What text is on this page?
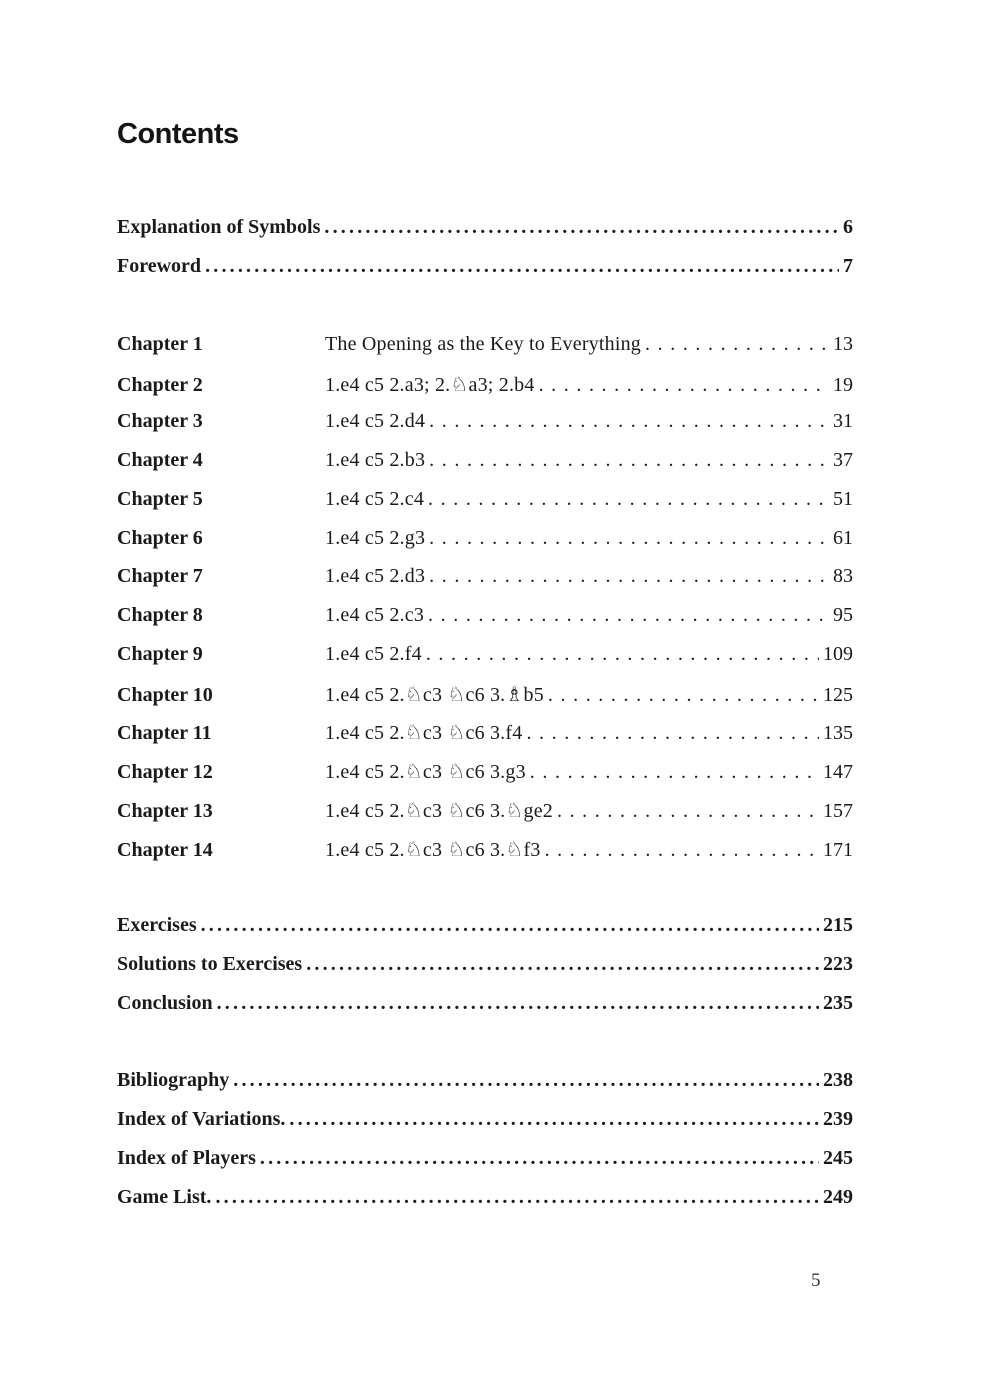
Contents
Explanation of Symbols .....	6
Foreword .....	7
Chapter 1	The Opening as the Key to Everything . . .	13
Chapter 2	1.e4 c5 2.a3; 2.♘a3; 2.b4 . . .	19
Chapter 3	1.e4 c5 2.d4 . . .	31
Chapter 4	1.e4 c5 2.b3 . . .	37
Chapter 5	1.e4 c5 2.c4 . . .	51
Chapter 6	1.e4 c5 2.g3 . . .	61
Chapter 7	1.e4 c5 2.d3 . . .	83
Chapter 8	1.e4 c5 2.c3 . . .	95
Chapter 9	1.e4 c5 2.f4 . . .	109
Chapter 10	1.e4 c5 2.♘c3 ♘c6 3.♗b5 . . .	125
Chapter 11	1.e4 c5 2.♘c3 ♘c6 3.f4 . . .	135
Chapter 12	1.e4 c5 2.♘c3 ♘c6 3.g3 . . .	147
Chapter 13	1.e4 c5 2.♘c3 ♘c6 3.♘ge2 . . .	157
Chapter 14	1.e4 c5 2.♘c3 ♘c6 3.♘f3 . . .	171
Exercises .....	215
Solutions to Exercises .....	223
Conclusion .....	235
Bibliography .....	238
Index of Variations. .....	239
Index of Players .....	245
Game List. .....	249
5
